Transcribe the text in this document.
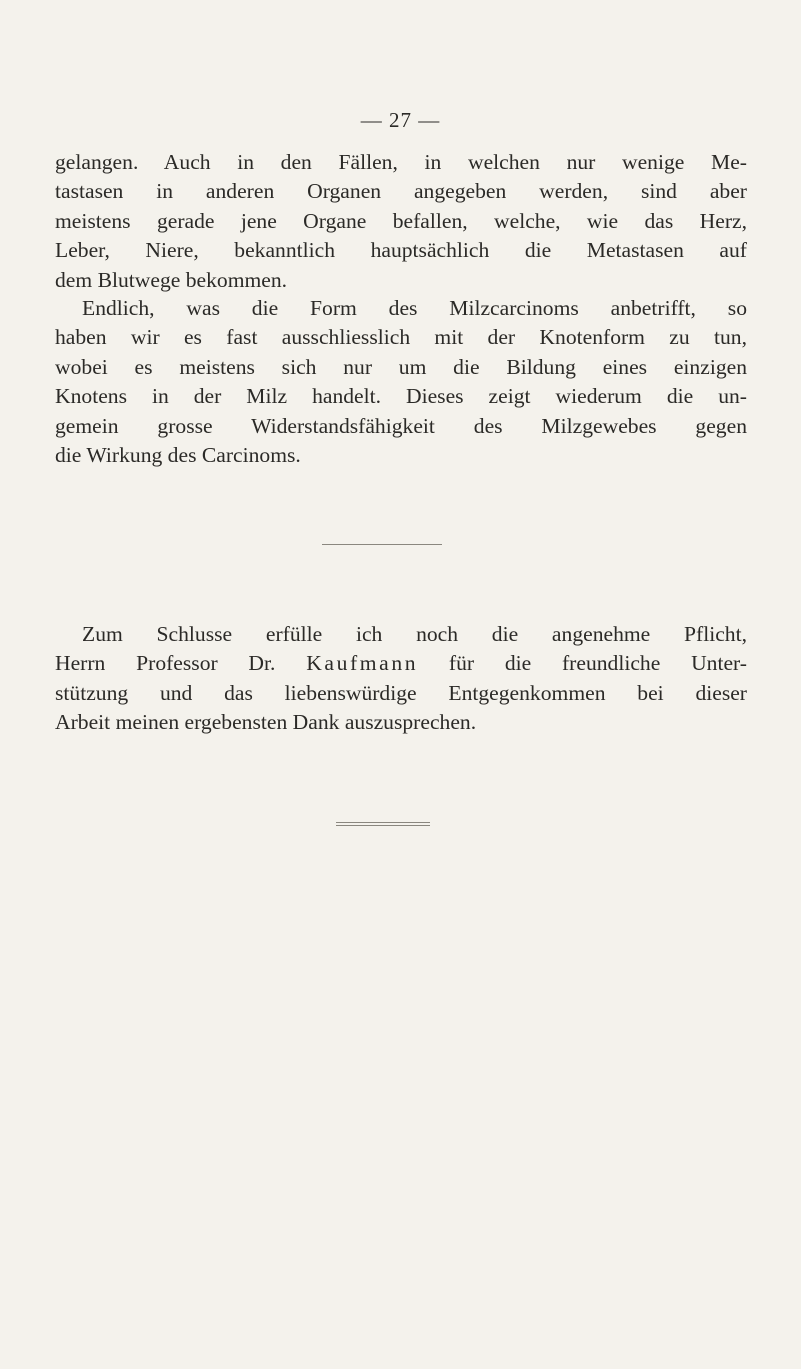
— 27 —
gelangen. Auch in den Fällen, in welchen nur wenige Me-
tastasen in anderen Organen angegeben werden, sind aber
meistens gerade jene Organe befallen, welche, wie das Herz,
Leber, Niere, bekanntlich hauptsächlich die Metastasen auf
dem Blutwege bekommen.
Endlich, was die Form des Milzcarcinoms anbetrifft, so
haben wir es fast ausschliesslich mit der Knotenform zu tun,
wobei es meistens sich nur um die Bildung eines einzigen
Knotens in der Milz handelt. Dieses zeigt wiederum die un-
gemein grosse Widerstandsfähigkeit des Milzgewebes gegen
die Wirkung des Carcinoms.
Zum Schlusse erfülle ich noch die angenehme Pflicht,
Herrn Professor Dr. Kaufmann für die freundliche Unter-
stützung und das liebenswürdige Entgegenkommen bei dieser
Arbeit meinen ergebensten Dank auszusprechen.
